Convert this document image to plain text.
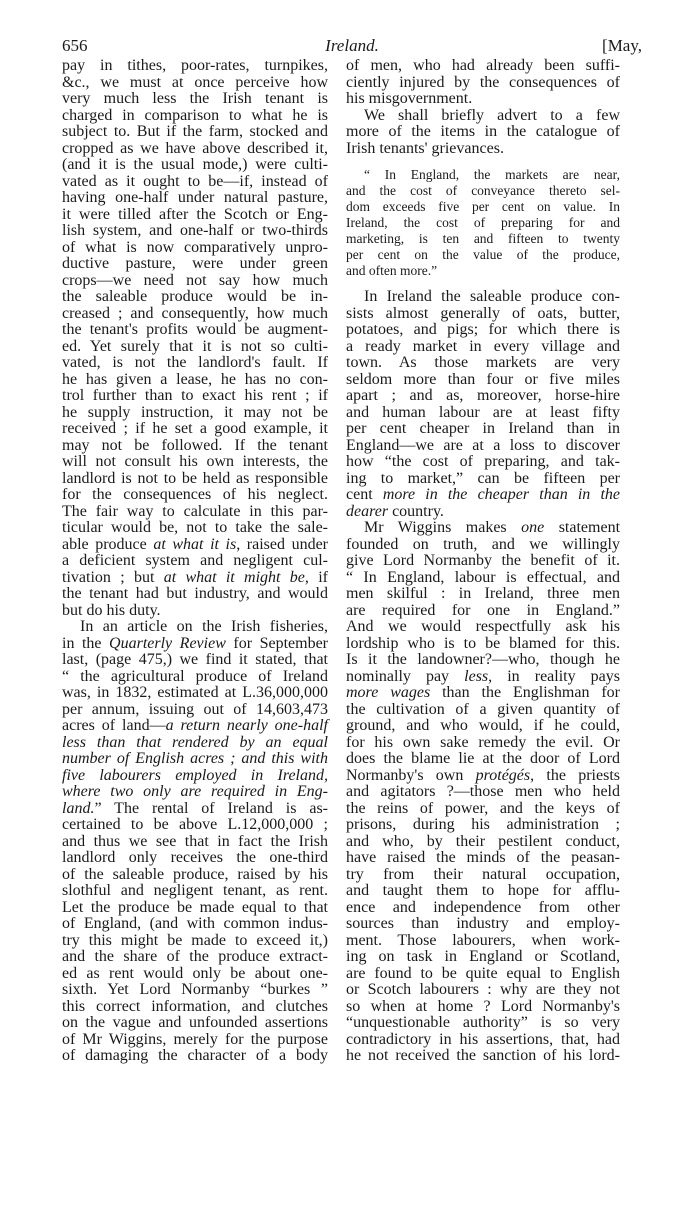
656	Ireland.	[May,
pay in tithes, poor-rates, turnpikes,
&c., we must at once perceive how
very much less the Irish tenant is
charged in comparison to what he is
subject to. But if the farm, stocked and
cropped as we have above described it,
(and it is the usual mode,) were culti-
vated as it ought to be—if, instead of
having one-half under natural pasture,
it were tilled after the Scotch or Eng-
lish system, and one-half or two-thirds
of what is now comparatively unpro-
ductive pasture, were under green
crops—we need not say how much
the saleable produce would be in-
creased ; and consequently, how much
the tenant's profits would be augment-
ed. Yet surely that it is not so culti-
vated, is not the landlord's fault. If
he has given a lease, he has no con-
trol further than to exact his rent ; if
he supply instruction, it may not be
received ; if he set a good example, it
may not be followed. If the tenant
will not consult his own interests, the
landlord is not to be held as responsible
for the consequences of his neglect.
The fair way to calculate in this par-
ticular would be, not to take the sale-
able produce at what it is, raised under
a deficient system and negligent cul-
tivation ; but at what it might be, if
the tenant had but industry, and would
but do his duty.
In an article on the Irish fisheries,
in the Quarterly Review for September
last, (page 475,) we find it stated, that
“ the agricultural produce of Ireland
was, in 1832, estimated at L.36,000,000
per annum, issuing out of 14,603,473
acres of land—a return nearly one-half
less than that rendered by an equal
number of English acres ; and this with
five labourers employed in Ireland,
where two only are required in Eng-
land.” The rental of Ireland is as-
certained to be above L.12,000,000 ;
and thus we see that in fact the Irish
landlord only receives the one-third
of the saleable produce, raised by his
slothful and negligent tenant, as rent.
Let the produce be made equal to that
of England, (and with common indus-
try this might be made to exceed it,)
and the share of the produce extract-
ed as rent would only be about one-
sixth. Yet Lord Normanby “burkes ”
this correct information, and clutches
on the vague and unfounded assertions
of Mr Wiggins, merely for the purpose
of damaging the character of a body
of men, who had already been suffi-
ciently injured by the consequences of
his misgovernment.
We shall briefly advert to a few
more of the items in the catalogue of
Irish tenants' grievances.
“ In England, the markets are near,
and the cost of conveyance thereto sel-
dom exceeds five per cent on value. In
Ireland, the cost of preparing for and
marketing, is ten and fifteen to twenty
per cent on the value of the produce,
and often more.”
In Ireland the saleable produce con-
sists almost generally of oats, butter,
potatoes, and pigs; for which there is
a ready market in every village and
town. As those markets are very
seldom more than four or five miles
apart ; and as, moreover, horse-hire
and human labour are at least fifty
per cent cheaper in Ireland than in
England—we are at a loss to discover
how “the cost of preparing, and tak-
ing to market,” can be fifteen per
cent more in the cheaper than in the
dearer country.
Mr Wiggins makes one statement
founded on truth, and we willingly
give Lord Normanby the benefit of it.
“ In England, labour is effectual, and
men skilful : in Ireland, three men
are required for one in England.”
And we would respectfully ask his
lordship who is to be blamed for this.
Is it the landowner?—who, though he
nominally pay less, in reality pays
more wages than the Englishman for
the cultivation of a given quantity of
ground, and who would, if he could,
for his own sake remedy the evil. Or
does the blame lie at the door of Lord
Normanby's own protégés, the priests
and agitators ?—those men who held
the reins of power, and the keys of
prisons, during his administration ;
and who, by their pestilent conduct,
have raised the minds of the peasan-
try from their natural occupation,
and taught them to hope for afflu-
ence and independence from other
sources than industry and employ-
ment. Those labourers, when work-
ing on task in England or Scotland,
are found to be quite equal to English
or Scotch labourers : why are they not
so when at home ? Lord Normanby's
“unquestionable authority” is so very
contradictory in his assertions, that, had
he not received the sanction of his lord-
